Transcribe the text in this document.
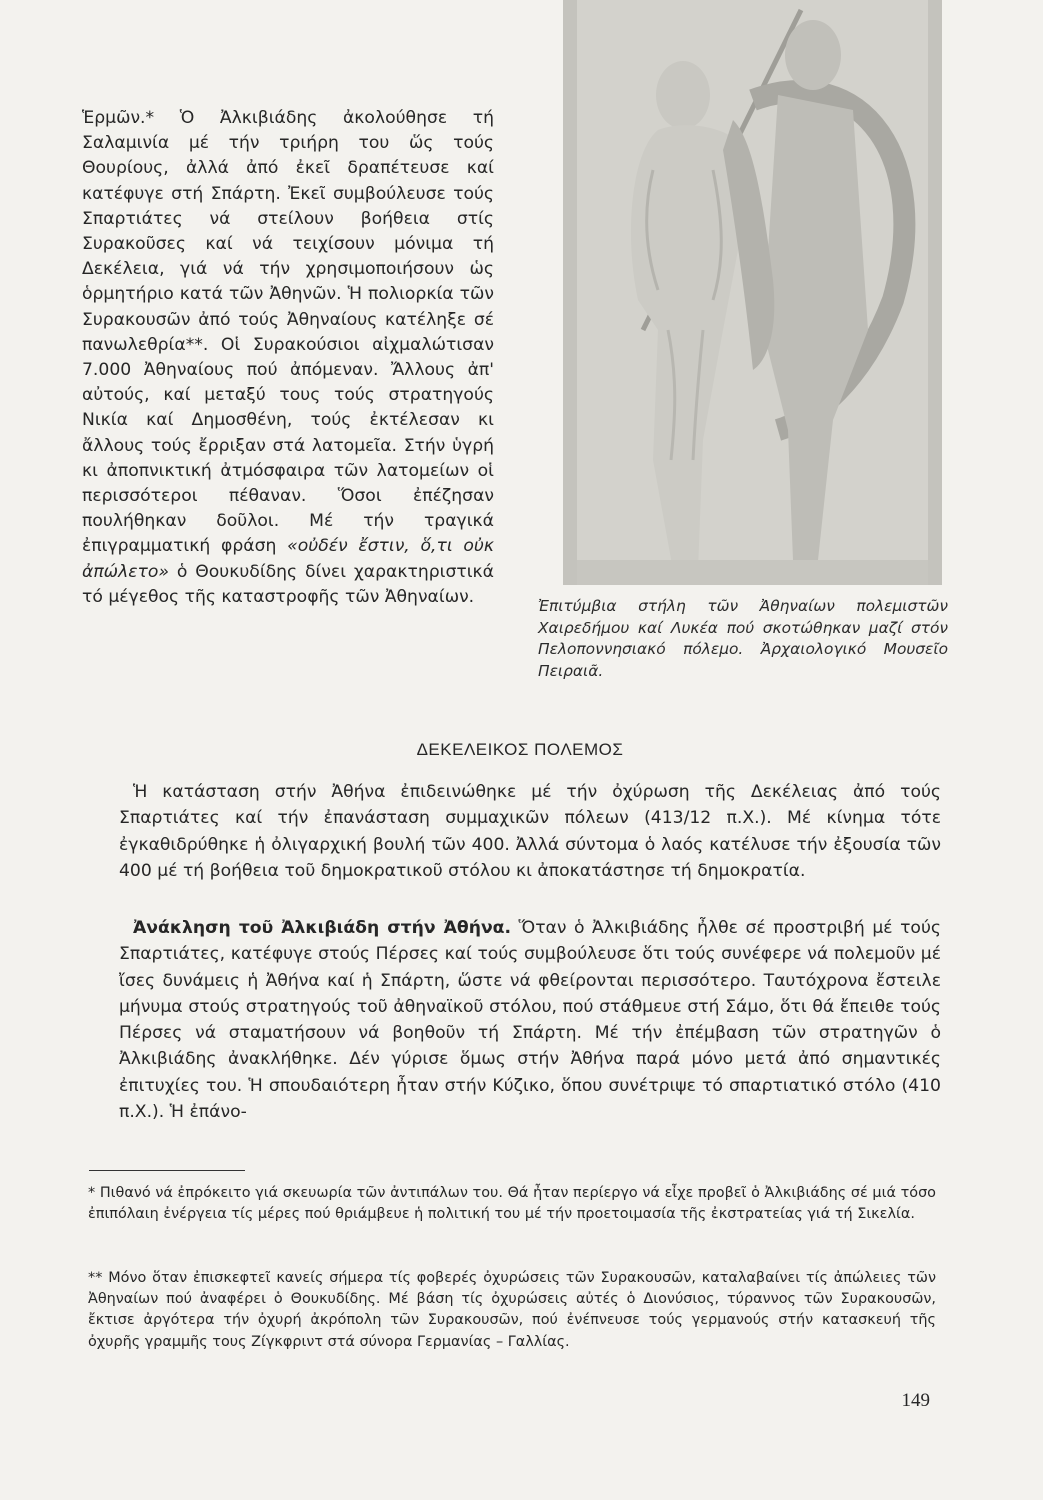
Ἑρμῶν.* Ὁ Ἀλκιβιάδης ἀκολούθησε τή Σαλαμινία μέ τήν τριήρη του ὥς τούς Θουρίους, ἀλλά ἀπό ἐκεῖ δραπέτευσε καί κατέφυγε στή Σπάρτη. Ἐκεῖ συμβούλευσε τούς Σπαρτιάτες νά στείλουν βοήθεια στίς Συρακοῦσες καί νά τειχίσουν μόνιμα τή Δεκέλεια, γιά νά τήν χρησιμοποιήσουν ὡς ὁρμητήριο κατά τῶν Ἀθηνῶν. Ἡ πολιορκία τῶν Συρακουσῶν ἀπό τούς Ἀθηναίους κατέληξε σέ πανωλεθρία**. Οἱ Συρακούσιοι αἰχμαλώτισαν 7.000 Ἀθηναίους πού ἀπόμεναν. Ἄλλους ἀπ' αὐτούς, καί μεταξύ τους τούς στρατηγούς Νικία καί Δημοσθένη, τούς ἐκτέλεσαν κι ἄλλους τούς ἔρριξαν στά λατομεῖα. Στήν ὑγρή κι ἀποπνικτική ἀτμόσφαιρα τῶν λατομείων οἱ περισσότεροι πέθαναν. Ὅσοι ἐπέζησαν πουλήθηκαν δοῦλοι. Μέ τήν τραγικά ἐπιγραμματική φράση «οὐδέν ἔστιν, ὅ,τι οὐκ ἀπώλετο» ὁ Θουκυδίδης δίνει χαρακτηριστικά τό μέγεθος τῆς καταστροφῆς τῶν Ἀθηναίων.	Ἐπιτύμβια στήλη τῶν Ἀθηναίων πολεμιστῶν Χαιρεδήμου καί Λυκέα πού σκοτώθηκαν μαζί στόν Πελοποννησιακό πόλεμο. Ἀρχαιολογικό Μουσεῖο Πειραιᾶ.
ΔΕΚΕΛΕΙΚΟΣ ΠΟΛΕΜΟΣ

Ἡ κατάσταση στήν Ἀθήνα ἐπιδεινώθηκε μέ τήν ὀχύρωση τῆς Δεκέλειας ἀπό τούς Σπαρτιάτες καί τήν ἐπανάσταση συμμαχικῶν πόλεων (413/12 π.Χ.). Μέ κίνημα τότε ἐγκαθιδρύθηκε ἡ ὀλιγαρχική βουλή τῶν 400. Ἀλλά σύντομα ὁ λαός κατέλυσε τήν ἐξουσία τῶν 400 μέ τή βοήθεια τοῦ δημοκρατικοῦ στόλου κι ἀποκατάστησε τή δημοκρατία.

Ἀνάκληση τοῦ Ἀλκιβιάδη στήν Ἀθήνα. Ὅταν ὁ Ἀλκιβιάδης ἦλθε σέ προστριβή μέ τούς Σπαρτιάτες, κατέφυγε στούς Πέρσες καί τούς συμβούλευσε ὅτι τούς συνέφερε νά πολεμοῦν μέ ἴσες δυνάμεις ἡ Ἀθήνα καί ἡ Σπάρτη, ὥστε νά φθείρονται περισσότερο. Ταυτόχρονα ἔστειλε μήνυμα στούς στρατηγούς τοῦ ἀθηναϊκοῦ στόλου, πού στάθμευε στή Σάμο, ὅτι θά ἔπειθε τούς Πέρσες νά σταματήσουν νά βοηθοῦν τή Σπάρτη. Μέ τήν ἐπέμβαση τῶν στρατηγῶν ὁ Ἀλκιβιάδης ἀνακλήθηκε. Δέν γύρισε ὅμως στήν Ἀθήνα παρά μόνο μετά ἀπό σημαντικές ἐπιτυχίες του. Ἡ σπουδαιότερη ἦταν στήν Κύζικο, ὅπου συνέτριψε τό σπαρτιατικό στόλο (410 π.Χ.). Ἡ ἐπάνο-

* Πιθανό νά ἐπρόκειτο γιά σκευωρία τῶν ἀντιπάλων του. Θά ἦταν περίεργο νά εἶχε προβεῖ ὁ Ἀλκιβιάδης σέ μιά τόσο ἐπιπόλαιη ἐνέργεια τίς μέρες πού θριάμβευε ἡ πολιτική του μέ τήν προετοιμασία τῆς ἐκστρατείας γιά τή Σικελία.
** Μόνο ὅταν ἐπισκεφτεῖ κανείς σήμερα τίς φοβερές ὀχυρώσεις τῶν Συρακουσῶν, καταλαβαίνει τίς ἀπώλειες τῶν Ἀθηναίων πού ἀναφέρει ὁ Θουκυδίδης. Μέ βάση τίς ὀχυρώσεις αὐτές ὁ Διονύσιος, τύραννος τῶν Συρακουσῶν, ἔκτισε ἀργότερα τήν ὀχυρή ἀκρόπολη τῶν Συρακουσῶν, πού ἐνέπνευσε τούς γερμανούς στήν κατασκευή τῆς ὀχυρῆς γραμμῆς τους Ζίγκφριντ στά σύνορα Γερμανίας – Γαλλίας.
149
